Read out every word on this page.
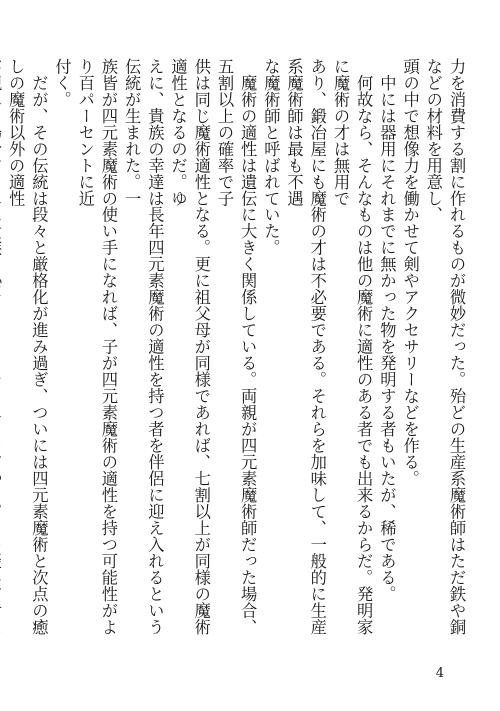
力を消費する割に作れるものが微妙だった。殆どの生産系魔術師はただ鉄や銅などの材料を用意し、

頭の中で想像力を働かせて剣やアクセサリーなどを作る。

　中には器用にそれまでに無かった物を発明する者もいたが、稀である。

　何故なら、そんなものは他の魔術に適性のある者でも出来るからだ。発明家に魔術の才は無用で

あり、鍛冶屋にも魔術の才は不必要である。それらを加味して、一般的に生産系魔術師は最も不遇

な魔術師と呼ばれていた。

　魔術の適性は遺伝に大きく関係している。両親が四元素魔術師だった場合、五割以上の確率で子

供は同じ魔術適性となる。更に祖父母が同様であれば、七割以上が同様の魔術適性となるのだ。ゆ

えに、貴族の幸達は長年四元素魔術の適性を持つ者を伴侶に迎え入れるという伝統が生まれた。一

族皆が四元素魔術の使い手になれば、子が四元素魔術の適性を持つ可能性がより百パーセントに近

付く。

　だが、その伝統は段々と厳格化が進み過ぎ、ついには四元素魔術と次点の癒しの魔術以外の適性

4
